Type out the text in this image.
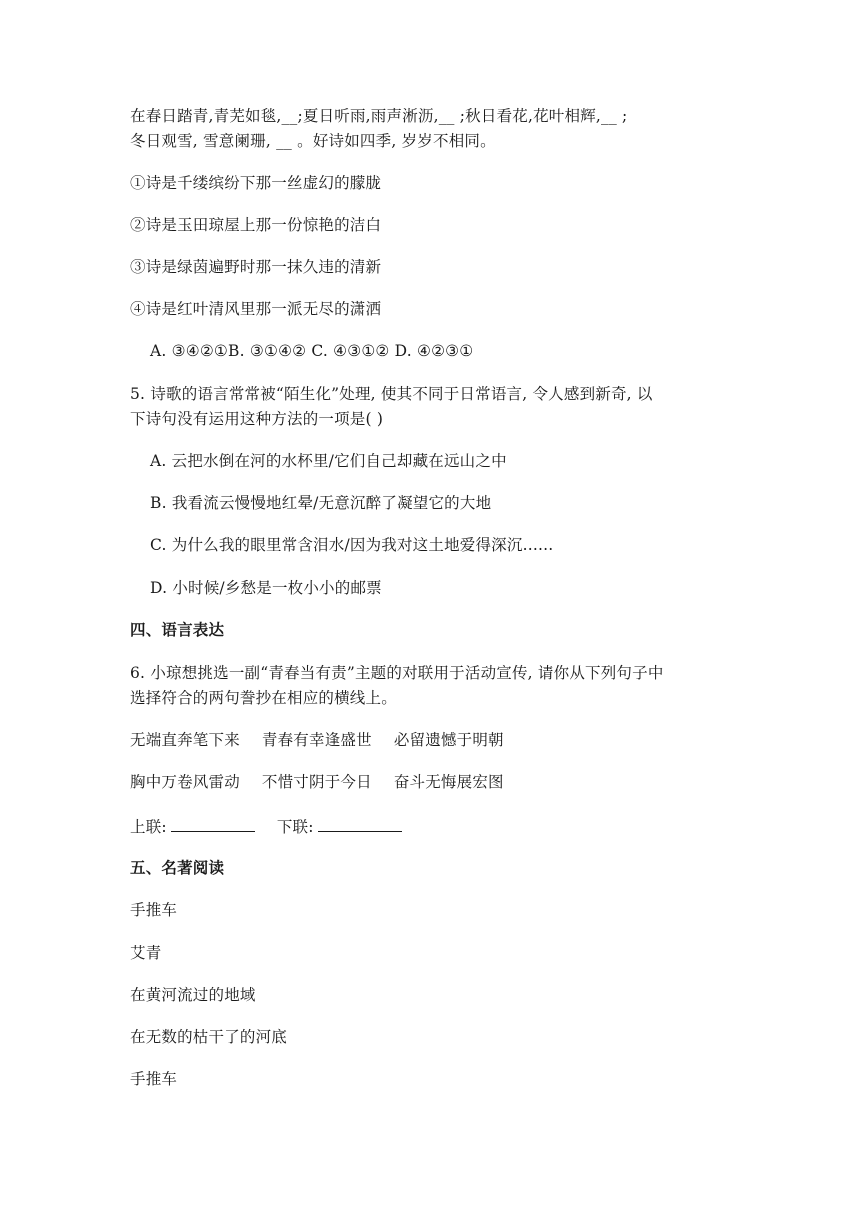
在春日踏青,青芜如毯,__;夏日听雨,雨声淅沥,__ ;秋日看花,花叶相辉,__ ;
冬日观雪, 雪意阑珊, __ 。好诗如四季, 岁岁不相同。
①诗是千缕缤纷下那一丝虚幻的朦胧
②诗是玉田琼屋上那一份惊艳的洁白
③诗是绿茵遍野时那一抹久违的清新
④诗是红叶清风里那一派无尽的潇洒
A. ③④②①B. ③①④② C. ④③①② D. ④②③①
5. 诗歌的语言常常被“陌生化”处理, 使其不同于日常语言, 令人感到新奇, 以
下诗句没有运用这种方法的一项是( )
A. 云把水倒在河的水杯里/它们自己却藏在远山之中
B. 我看流云慢慢地红晕/无意沉醉了凝望它的大地
C. 为什么我的眼里常含泪水/因为我对这土地爱得深沉......
D. 小时候/乡愁是一枚小小的邮票
四、语言表达
6. 小琼想挑选一副“青春当有责”主题的对联用于活动宣传, 请你从下列句子中
选择符合的两句誊抄在相应的横线上。
无端直奔笔下来 青春有幸逢盛世 必留遗憾于明朝
胸中万卷风雷动 不惜寸阴于今日 奋斗无悔展宏图
上联:	下联:
五、名著阅读
手推车
艾青
在黄河流过的地域
在无数的枯干了的河底
手推车
